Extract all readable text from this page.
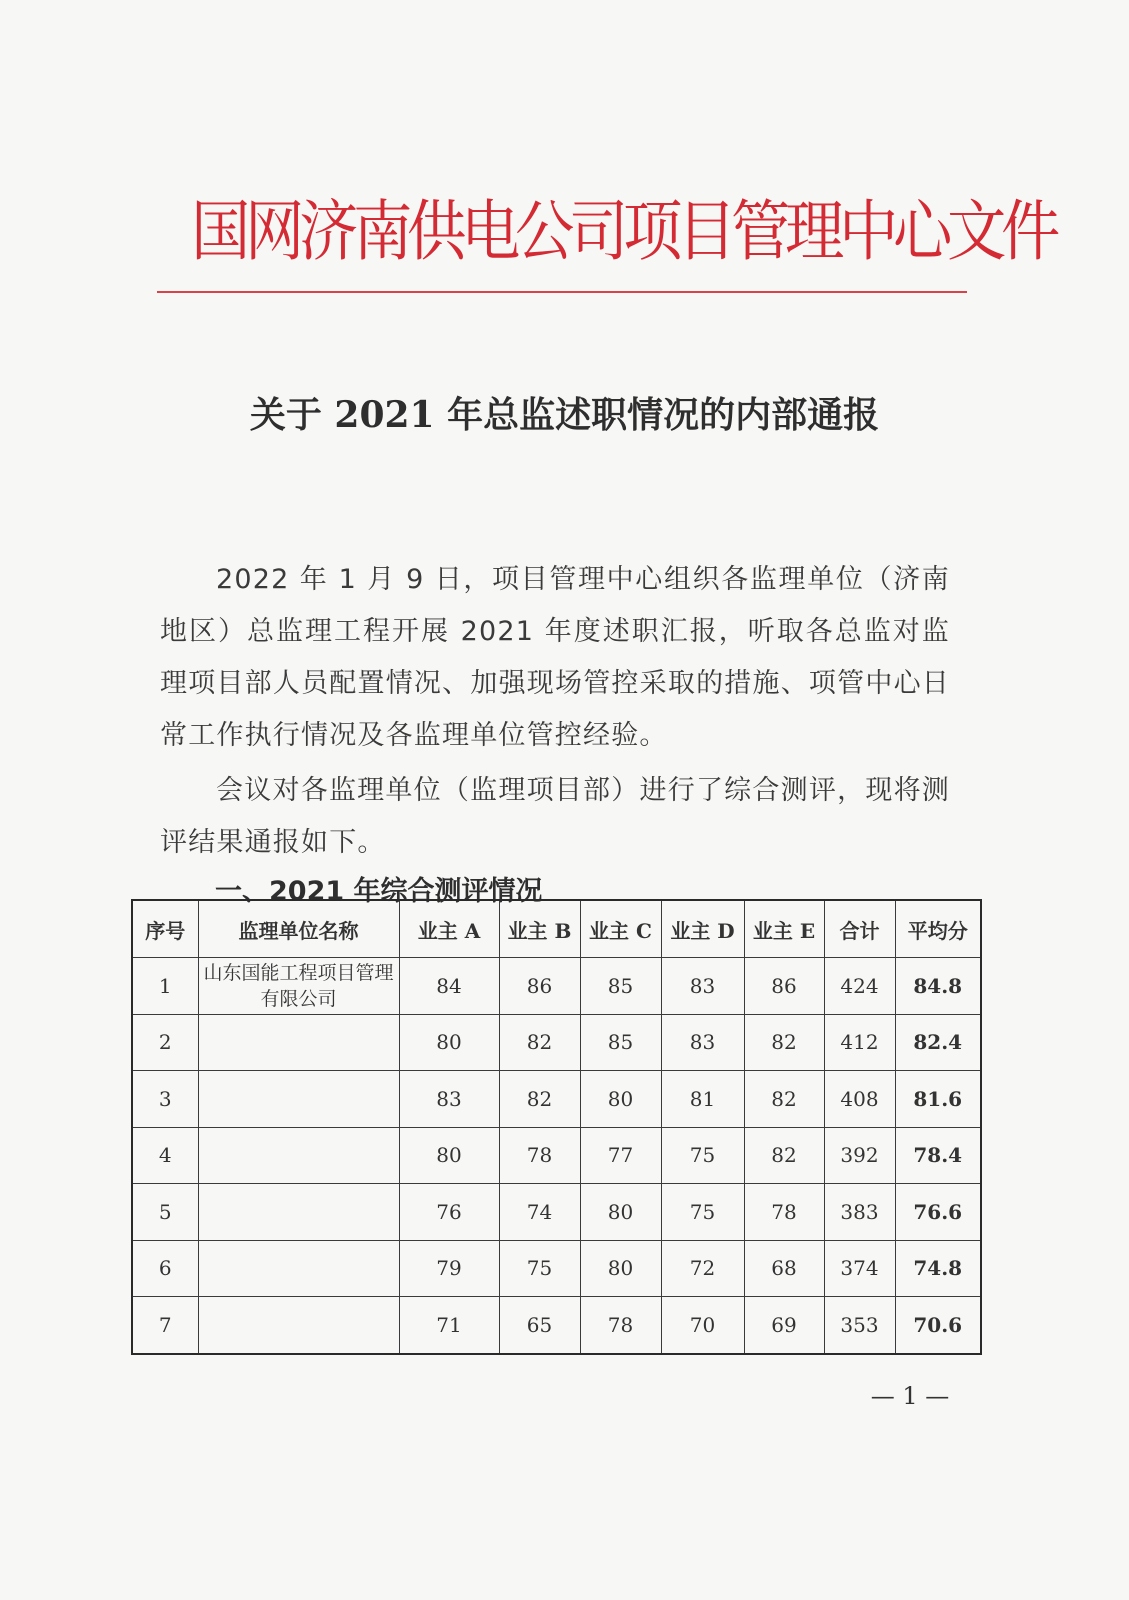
国网济南供电公司项目管理中心文件
关于 2021 年总监述职情况的内部通报
2022 年 1 月 9 日，项目管理中心组织各监理单位（济南地区）总监理工程开展 2021 年度述职汇报，听取各总监对监理项目部人员配置情况、加强现场管控采取的措施、项管中心日常工作执行情况及各监理单位管控经验。
会议对各监理单位（监理项目部）进行了综合测评，现将测评结果通报如下。
一、2021 年综合测评情况
序号	监理单位名称	业主 A	业主 B	业主 C	业主 D	业主 E	合计	平均分
1	山东国能工程项目管理有限公司	84	86	85	83	86	424	84.8
2		80	82	85	83	82	412	82.4
3		83	82	80	81	82	408	81.6
4		80	78	77	75	82	392	78.4
5		76	74	80	75	78	383	76.6
6		79	75	80	72	68	374	74.8
7		71	65	78	70	69	353	70.6
— 1 —
